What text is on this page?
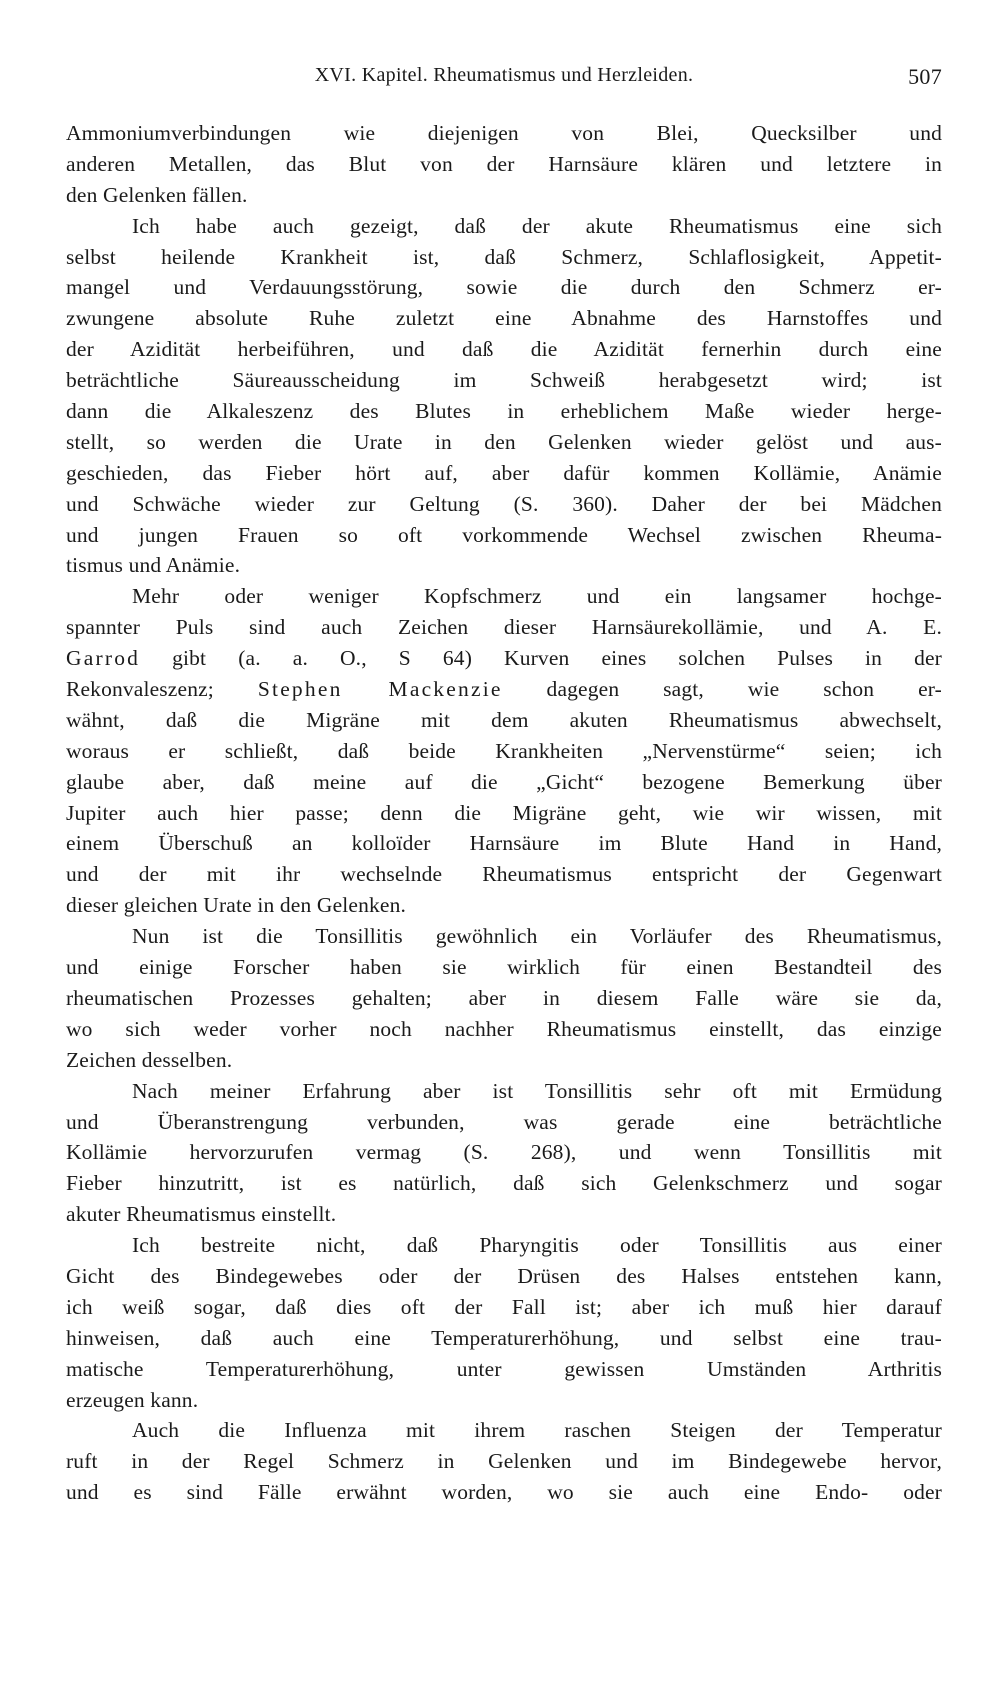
XVI. Kapitel. Rheumatismus und Herzleiden.	507
Ammoniumverbindungen wie diejenigen von Blei, Quecksilber und
anderen Metallen, das Blut von der Harnsäure klären und letztere in
den Gelenken fällen.
Ich habe auch gezeigt, daß der akute Rheumatismus eine sich
selbst heilende Krankheit ist, daß Schmerz, Schlaflosigkeit, Appetit-
mangel und Verdauungsstörung, sowie die durch den Schmerz er-
zwungene absolute Ruhe zuletzt eine Abnahme des Harnstoffes und
der Azidität herbeiführen, und daß die Azidität fernerhin durch eine
beträchtliche Säureausscheidung im Schweiß herabgesetzt wird; ist
dann die Alkaleszenz des Blutes in erheblichem Maße wieder herge-
stellt, so werden die Urate in den Gelenken wieder gelöst und aus-
geschieden, das Fieber hört auf, aber dafür kommen Kollämie, Anämie
und Schwäche wieder zur Geltung (S. 360). Daher der bei Mädchen
und jungen Frauen so oft vorkommende Wechsel zwischen Rheuma-
tismus und Anämie.
Mehr oder weniger Kopfschmerz und ein langsamer hochge-
spannter Puls sind auch Zeichen dieser Harnsäurekollämie, und A. E.
Garrod gibt (a. a. O., S 64) Kurven eines solchen Pulses in der
Rekonvaleszenz; Stephen Mackenzie dagegen sagt, wie schon er-
wähnt, daß die Migräne mit dem akuten Rheumatismus abwechselt,
woraus er schließt, daß beide Krankheiten „Nervenstürme“ seien; ich
glaube aber, daß meine auf die „Gicht“ bezogene Bemerkung über
Jupiter auch hier passe; denn die Migräne geht, wie wir wissen, mit
einem Überschuß an kolloïder Harnsäure im Blute Hand in Hand,
und der mit ihr wechselnde Rheumatismus entspricht der Gegenwart
dieser gleichen Urate in den Gelenken.
Nun ist die Tonsillitis gewöhnlich ein Vorläufer des Rheumatismus,
und einige Forscher haben sie wirklich für einen Bestandteil des
rheumatischen Prozesses gehalten; aber in diesem Falle wäre sie da,
wo sich weder vorher noch nachher Rheumatismus einstellt, das einzige
Zeichen desselben.
Nach meiner Erfahrung aber ist Tonsillitis sehr oft mit Ermüdung
und Überanstrengung verbunden, was gerade eine beträchtliche
Kollämie hervorzurufen vermag (S. 268), und wenn Tonsillitis mit
Fieber hinzutritt, ist es natürlich, daß sich Gelenkschmerz und sogar
akuter Rheumatismus einstellt.
Ich bestreite nicht, daß Pharyngitis oder Tonsillitis aus einer
Gicht des Bindegewebes oder der Drüsen des Halses entstehen kann,
ich weiß sogar, daß dies oft der Fall ist; aber ich muß hier darauf
hinweisen, daß auch eine Temperaturerhöhung, und selbst eine trau-
matische Temperaturerhöhung, unter gewissen Umständen Arthritis
erzeugen kann.
Auch die Influenza mit ihrem raschen Steigen der Temperatur
ruft in der Regel Schmerz in Gelenken und im Bindegewebe hervor,
und es sind Fälle erwähnt worden, wo sie auch eine Endo- oder
